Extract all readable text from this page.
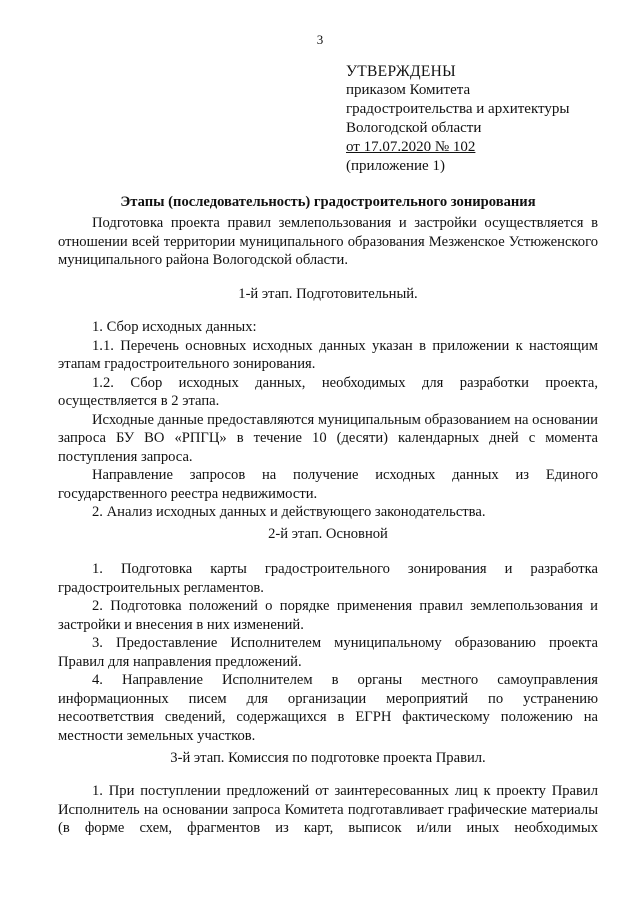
3
УТВЕРЖДЕНЫ
приказом Комитета
градостроительства и архитектуры
Вологодской области
от 17.07.2020 № 102
(приложение 1)
Этапы (последовательность) градостроительного зонирования

Подготовка проекта правил землепользования и застройки осуществляется в отношении всей территории муниципального образования Мезженское Устюженского муниципального района Вологодской области.

1-й этап. Подготовительный.

1. Сбор исходных данных:

1.1. Перечень основных исходных данных указан в приложении к настоящим этапам градостроительного зонирования.

1.2. Сбор исходных данных, необходимых для разработки проекта, осуществляется в 2 этапа.

Исходные данные предоставляются муниципальным образованием на основании запроса БУ ВО «РПГЦ» в течение 10 (десяти) календарных дней с момента поступления запроса.

Направление запросов на получение исходных данных из Единого государственного реестра недвижимости.

2. Анализ исходных данных и действующего законодательства.

2-й этап. Основной

1. Подготовка карты градостроительного зонирования и разработка градостроительных регламентов.

2. Подготовка положений о порядке применения правил землепользования и застройки и внесения в них изменений.

3. Предоставление Исполнителем муниципальному образованию проекта Правил для направления предложений.

4. Направление Исполнителем в органы местного самоуправления информационных писем для организации мероприятий по устранению несоответствия сведений, содержащихся в ЕГРН фактическому положению на местности земельных участков.

3-й этап. Комиссия по подготовке проекта Правил.

1. При поступлении предложений от заинтересованных лиц к проекту Правил Исполнитель на основании запроса Комитета подготавливает графические материалы (в форме схем, фрагментов из карт, выписок и/или иных необходимых
